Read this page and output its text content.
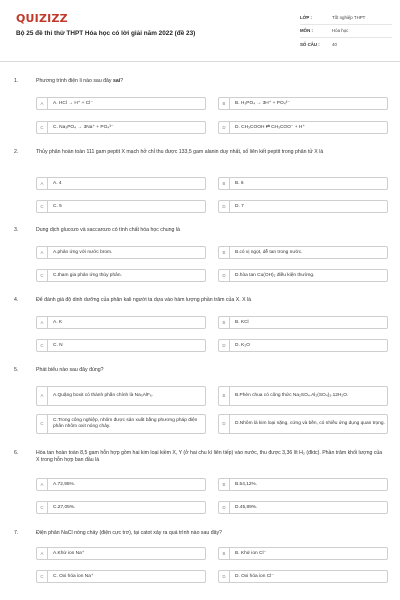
QUIZIZZ
Bộ 25 đề thi thử THPT Hóa học có lời giải năm 2022 (đề 23)
LỚP :	Tốt nghiệp THPT
MÔN :	Hóa học
SỐ CÂU :	40
1.	Phương trình điện li nào sau đây sai?
A	A. HCl → H⁺ + Cl⁻	B	B. H₃PO₄ → 3H⁺ + PO₄³⁻
C	C. Na₃PO₄ → 3Na⁺ + PO₄³⁻	D	D. CH₃COOH ⇄ CH₃COO⁻ + H⁺
2.	Thủy phân hoàn toàn 111 gam peptit X mạch hở chỉ thu được 133,5 gam alanin duy nhất, số liên kết peptit trong phân tử X là
A	A. 4	B	B. 6
C	C. 5	D	D. 7
3.	Dung dịch glucozo và saccarozo có tính chất hóa học chung là
A	A.phản ứng với nước brom.	B	B.có vị ngọt, dễ tan trong nước.
C	C.tham gia phản ứng thủy phân.	D	D.hòa tan Cu(OH)₂ điều kiện thường.
4.	Để đánh giá độ dinh dưỡng của phân kali người ta dựa vào hàm lượng phần trăm của X. X là
A	A. K	B	B. KCl
C	C. N	D	D. K₂O
5.	Phát biểu nào sau đây đúng?
A	A.Quặng boxit có thành phần chính là Na₃AlF₆.	B	B.Phèn chua có công thức Na₂SO₄.Al₂(SO₄)₃.12H₂O.
C
C.Trong công nghiệp, nhôm được sản xuất bằng phương pháp điện phân nhôm oxit nóng chảy.
D	D.Nhôm là kim loại nặng, cứng và bền, có nhiều ứng dụng quan trọng.
6.	Hòa tan hoàn toàn 8,5 gam hỗn hợp gồm hai kim loại kiềm X, Y (ở hai chu kì liên tiếp) vào nước, thu được 3,36 lít H₂ (đktc). Phần trăm khối lượng của X trong hỗn hợp ban đầu là
A	A.72,95%.	B	B.54,12%.
C	C.27,05%.	D	D.45,89%.
7.	Điện phân NaCl nóng chảy (điện cực trơ), tại catot xảy ra quá trình nào sau đây?
A	A.Khử ion Na⁺	B	B. Khử ion Cl⁻
C	C. Oxi hóa ion Na⁺	D	D. Oxi hóa ion Cl⁻
